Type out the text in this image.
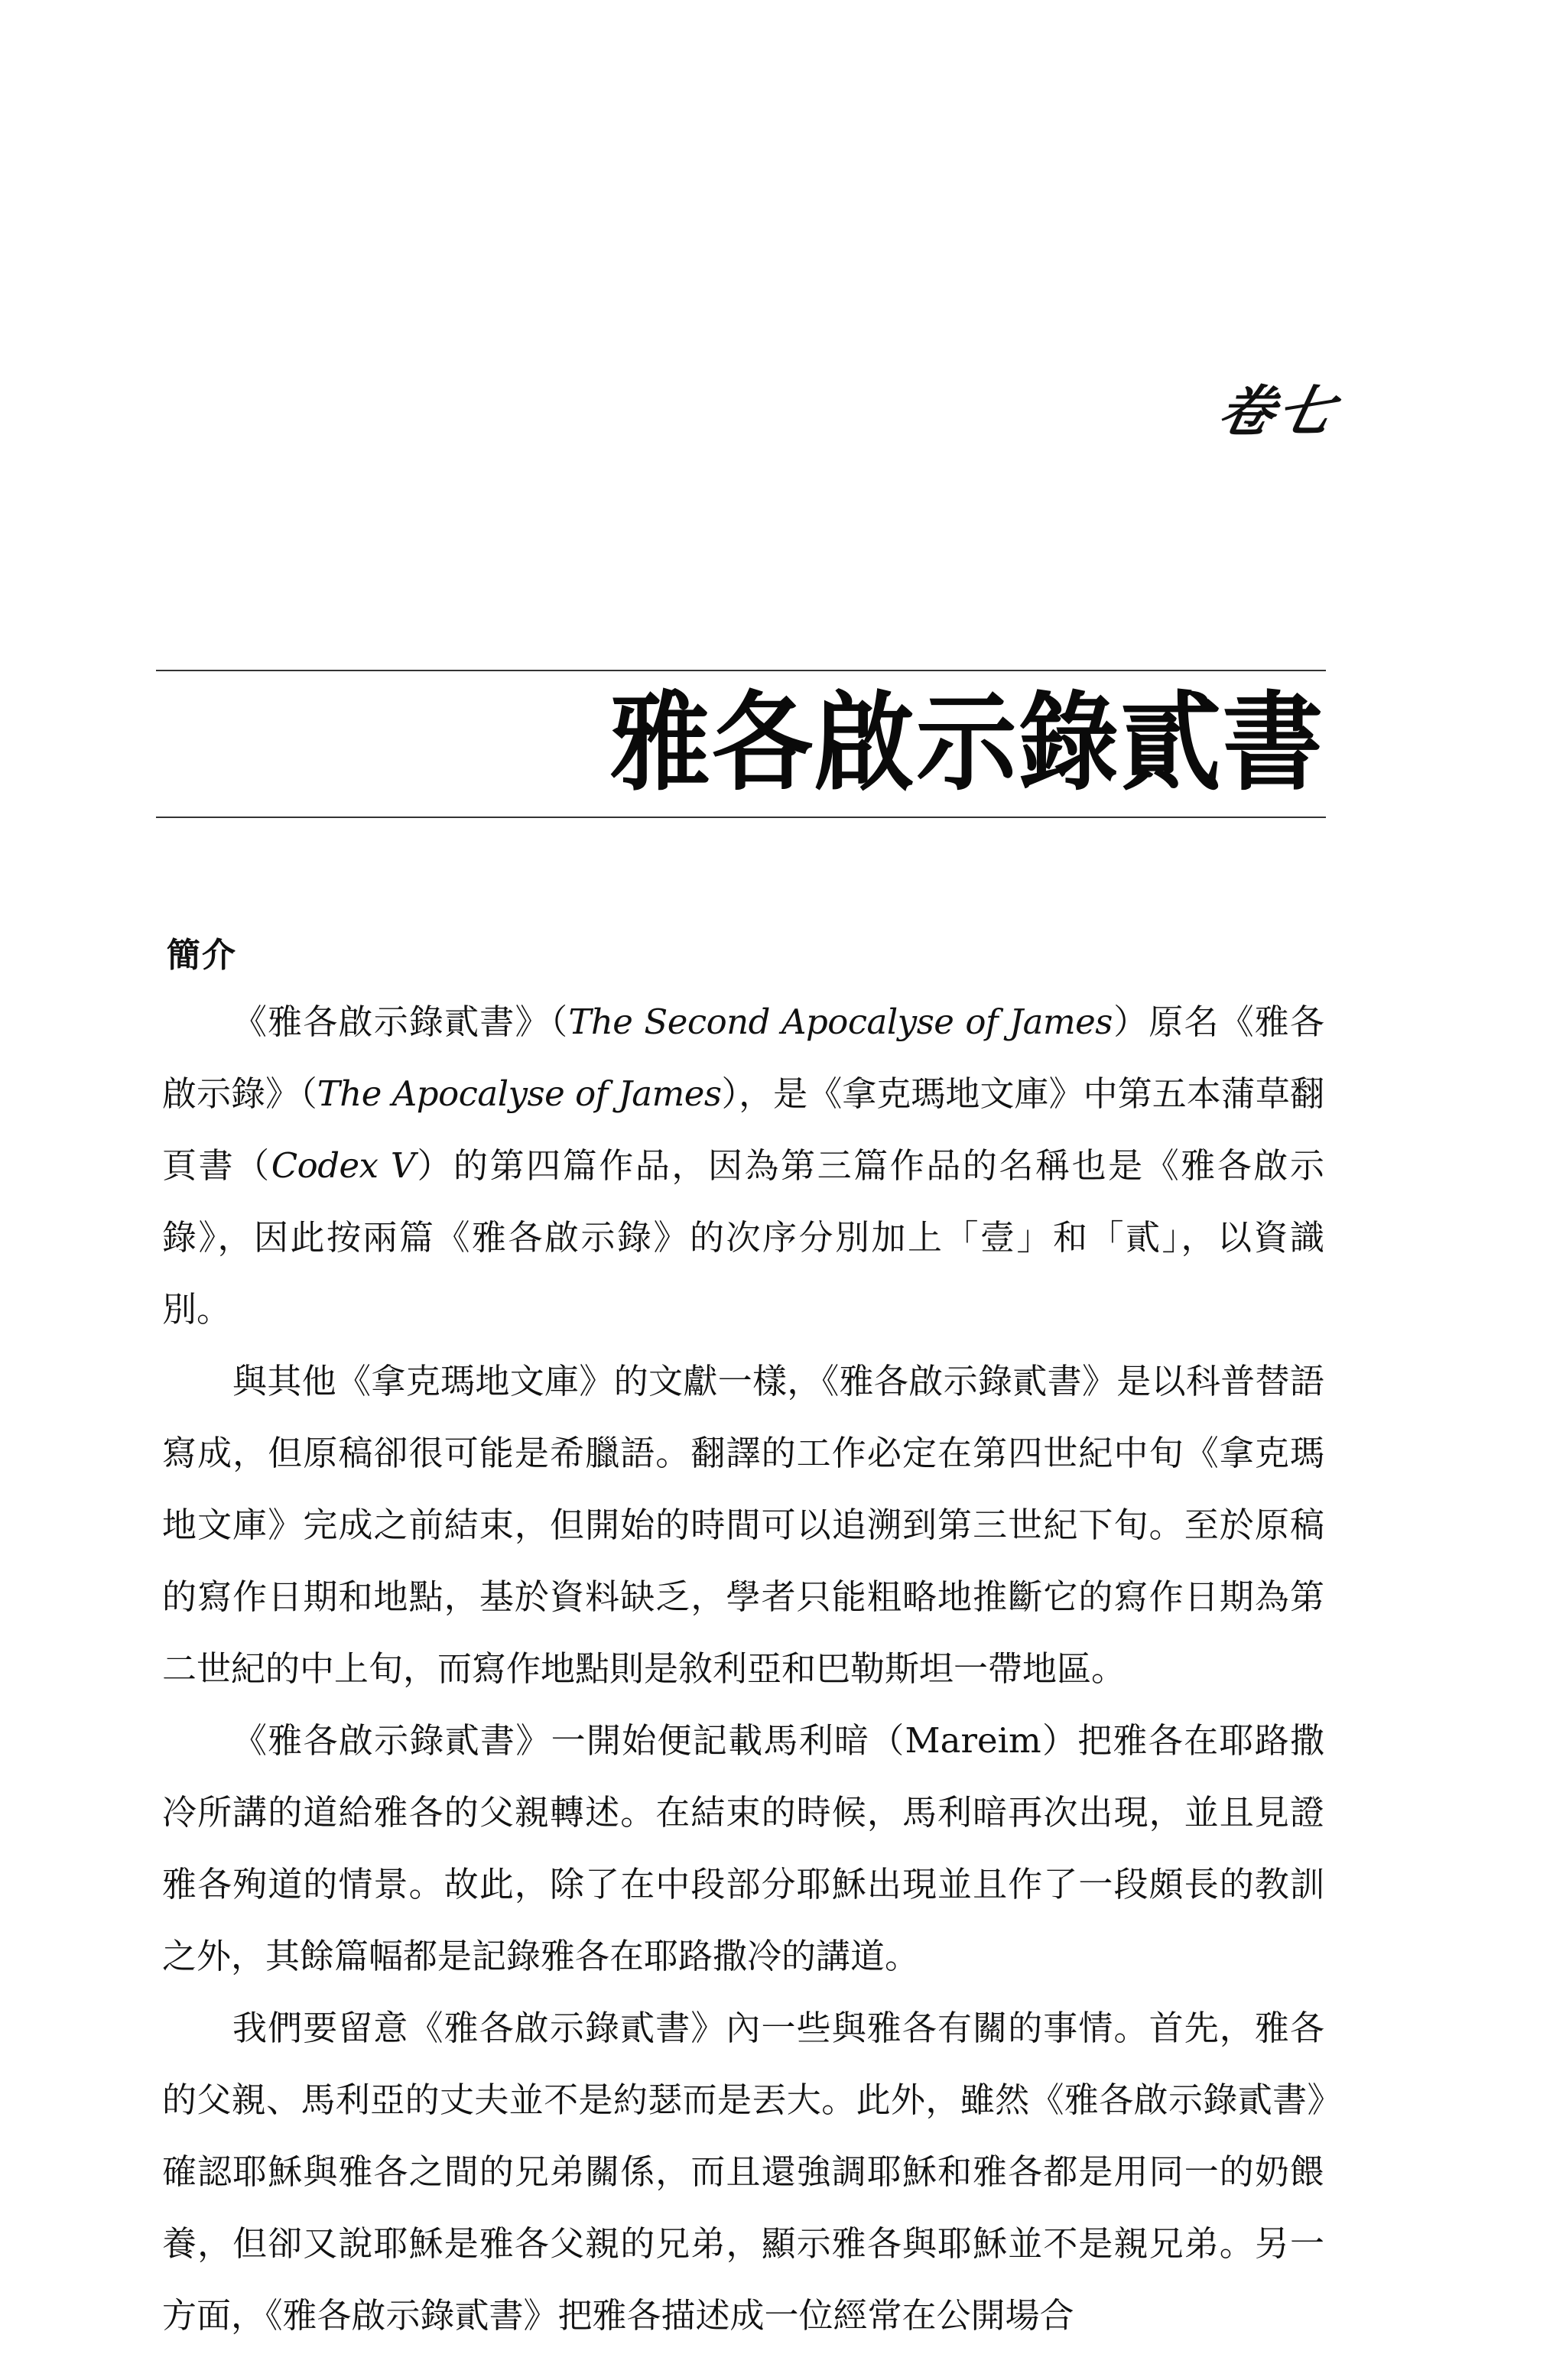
卷七
雅各啟示錄貳書
簡介

《雅各啟示錄貳書》（The Second Apocalyse of James）原名《雅各啟示錄》（The Apocalyse of James），是《拿克瑪地文庫》中第五本蒲草翻頁書（Codex V）的第四篇作品，因為第三篇作品的名稱也是《雅各啟示錄》，因此按兩篇《雅各啟示錄》的次序分別加上「壹」和「貳」，以資識別。

與其他《拿克瑪地文庫》的文獻一樣，《雅各啟示錄貳書》是以科普替語寫成，但原稿卻很可能是希臘語。翻譯的工作必定在第四世紀中旬《拿克瑪地文庫》完成之前結束，但開始的時間可以追溯到第三世紀下旬。至於原稿的寫作日期和地點，基於資料缺乏，學者只能粗略地推斷它的寫作日期為第二世紀的中上旬，而寫作地點則是敘利亞和巴勒斯坦一帶地區。

《雅各啟示錄貳書》一開始便記載馬利暗（Mareim）把雅各在耶路撒冷所講的道給雅各的父親轉述。在結束的時候，馬利暗再次出現，並且見證雅各殉道的情景。故此，除了在中段部分耶穌出現並且作了一段頗長的教訓之外，其餘篇幅都是記錄雅各在耶路撒冷的講道。

我們要留意《雅各啟示錄貳書》內一些與雅各有關的事情。首先，雅各的父親、馬利亞的丈夫並不是約瑟而是丟大。此外，雖然《雅各啟示錄貳書》確認耶穌與雅各之間的兄弟關係，而且還強調耶穌和雅各都是用同一的奶餵養，但卻又說耶穌是雅各父親的兄弟，顯示雅各與耶穌並不是親兄弟。另一方面，《雅各啟示錄貳書》把雅各描述成一位經常在公開場合
